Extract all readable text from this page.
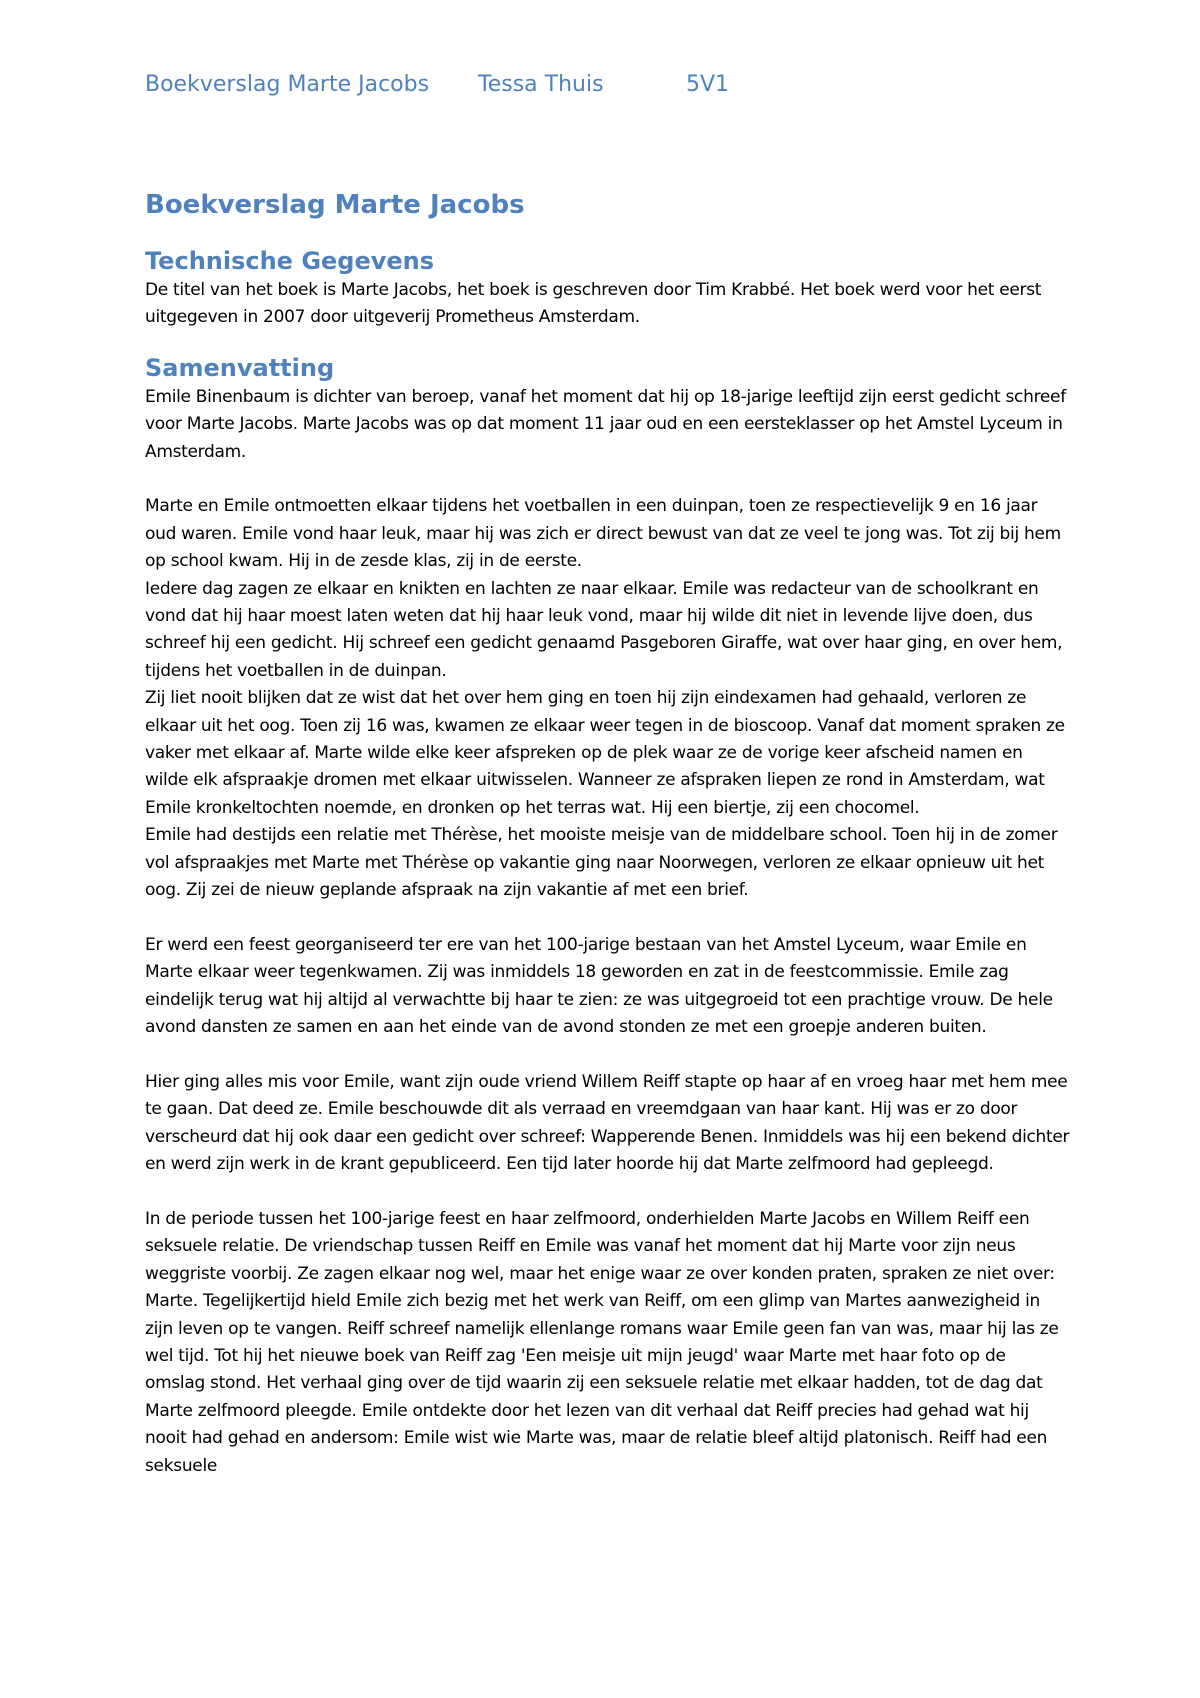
Boekverslag Marte Jacobs Tessa Thuis	5V1
Boekverslag Marte Jacobs
Technische Gegevens

De titel van het boek is Marte Jacobs, het boek is geschreven door Tim Krabbé. Het boek werd voor het eerst uitgegeven in 2007 door uitgeverij Prometheus Amsterdam.

Samenvatting

Emile Binenbaum is dichter van beroep, vanaf het moment dat hij op 18-jarige leeftijd zijn eerst gedicht schreef voor Marte Jacobs. Marte Jacobs was op dat moment 11 jaar oud en een eersteklasser op het Amstel Lyceum in Amsterdam.

Marte en Emile ontmoetten elkaar tijdens het voetballen in een duinpan, toen ze respectievelijk 9 en 16 jaar oud waren. Emile vond haar leuk, maar hij was zich er direct bewust van dat ze veel te jong was. Tot zij bij hem op school kwam. Hij in de zesde klas, zij in de eerste.

Iedere dag zagen ze elkaar en knikten en lachten ze naar elkaar. Emile was redacteur van de schoolkrant en vond dat hij haar moest laten weten dat hij haar leuk vond, maar hij wilde dit niet in levende lijve doen, dus schreef hij een gedicht. Hij schreef een gedicht genaamd Pasgeboren Giraffe, wat over haar ging, en over hem, tijdens het voetballen in de duinpan.

Zij liet nooit blijken dat ze wist dat het over hem ging en toen hij zijn eindexamen had gehaald, verloren ze elkaar uit het oog. Toen zij 16 was, kwamen ze elkaar weer tegen in de bioscoop. Vanaf dat moment spraken ze vaker met elkaar af. Marte wilde elke keer afspreken op de plek waar ze de vorige keer afscheid namen en wilde elk afspraakje dromen met elkaar uitwisselen. Wanneer ze afspraken liepen ze rond in Amsterdam, wat Emile kronkeltochten noemde, en dronken op het terras wat. Hij een biertje, zij een chocomel.

Emile had destijds een relatie met Thérèse, het mooiste meisje van de middelbare school. Toen hij in de zomer vol afspraakjes met Marte met Thérèse op vakantie ging naar Noorwegen, verloren ze elkaar opnieuw uit het oog. Zij zei de nieuw geplande afspraak na zijn vakantie af met een brief.

Er werd een feest georganiseerd ter ere van het 100-jarige bestaan van het Amstel Lyceum, waar Emile en Marte elkaar weer tegenkwamen. Zij was inmiddels 18 geworden en zat in de feestcommissie. Emile zag eindelijk terug wat hij altijd al verwachtte bij haar te zien: ze was uitgegroeid tot een prachtige vrouw. De hele avond dansten ze samen en aan het einde van de avond stonden ze met een groepje anderen buiten.

Hier ging alles mis voor Emile, want zijn oude vriend Willem Reiff stapte op haar af en vroeg haar met hem mee te gaan. Dat deed ze. Emile beschouwde dit als verraad en vreemdgaan van haar kant. Hij was er zo door verscheurd dat hij ook daar een gedicht over schreef: Wapperende Benen. Inmiddels was hij een bekend dichter en werd zijn werk in de krant gepubliceerd. Een tijd later hoorde hij dat Marte zelfmoord had gepleegd.

In de periode tussen het 100-jarige feest en haar zelfmoord, onderhielden Marte Jacobs en Willem Reiff een seksuele relatie. De vriendschap tussen Reiff en Emile was vanaf het moment dat hij Marte voor zijn neus weggriste voorbij. Ze zagen elkaar nog wel, maar het enige waar ze over konden praten, spraken ze niet over: Marte. Tegelijkertijd hield Emile zich bezig met het werk van Reiff, om een glimp van Martes aanwezigheid in zijn leven op te vangen. Reiff schreef namelijk ellenlange romans waar Emile geen fan van was, maar hij las ze wel tijd. Tot hij het nieuwe boek van Reiff zag 'Een meisje uit mijn jeugd' waar Marte met haar foto op de omslag stond. Het verhaal ging over de tijd waarin zij een seksuele relatie met elkaar hadden, tot de dag dat Marte zelfmoord pleegde. Emile ontdekte door het lezen van dit verhaal dat Reiff precies had gehad wat hij nooit had gehad en andersom: Emile wist wie Marte was, maar de relatie bleef altijd platonisch. Reiff had een seksuele
